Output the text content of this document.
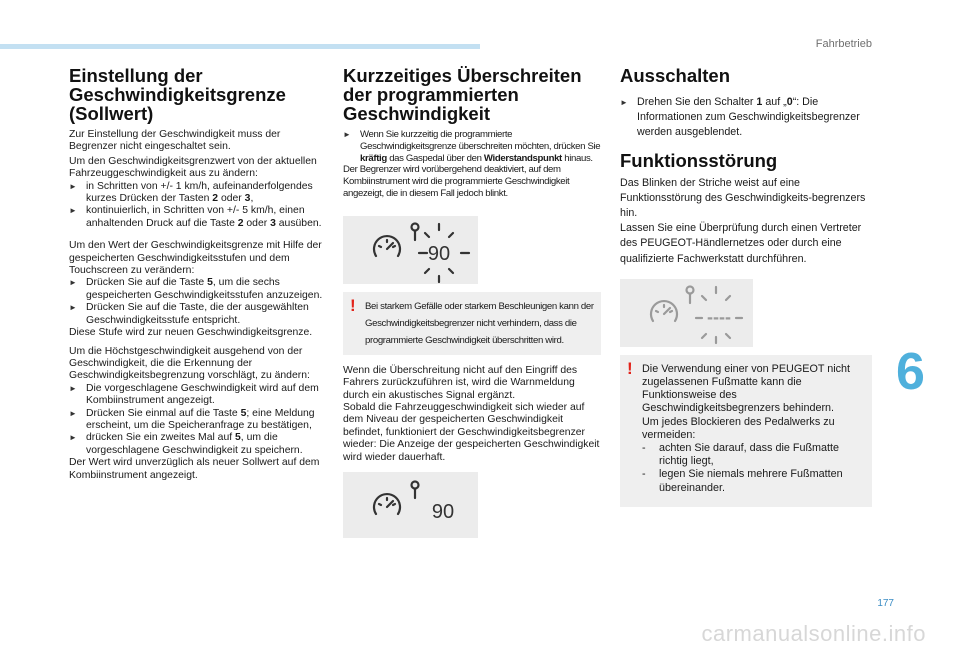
Fahrbetrieb
6
177
carmanualsonline.info
Einstellung der
Geschwindigkeitsgrenze
(Sollwert)

Zur Einstellung der Geschwindigkeit muss der Begrenzer nicht eingeschaltet sein.

Um den Geschwindigkeitsgrenzwert von der aktuellen Fahrzeuggeschwindigkeit aus zu ändern:

► in Schritten von +/- 1 km/h, aufeinanderfolgendes kurzes Drücken der Tasten 2 oder 3,
► kontinuierlich, in Schritten von +/- 5 km/h, einen anhaltenden Druck auf die Taste 2 oder 3 ausüben.

Um den Wert der Geschwindigkeitsgrenze mit Hilfe der gespeicherten Geschwindigkeitsstufen und dem Touchscreen zu verändern:

► Drücken Sie auf die Taste 5, um die sechs gespeicherten Geschwindigkeitsstufen anzuzeigen.
► Drücken Sie auf die Taste, die der ausgewählten Geschwindigkeitsstufe entspricht.

Diese Stufe wird zur neuen Geschwindigkeitsgrenze.

Um die Höchstgeschwindigkeit ausgehend von der Geschwindigkeit, die die Erkennung der Geschwindigkeitsbegrenzung vorschlägt, zu ändern:

► Die vorgeschlagene Geschwindigkeit wird auf dem Kombiinstrument angezeigt.
► Drücken Sie einmal auf die Taste 5; eine Meldung erscheint, um die Speicheranfrage zu bestätigen,
► drücken Sie ein zweites Mal auf 5, um die vorgeschlagene Geschwindigkeit zu speichern.

Der Wert wird unverzüglich als neuer Sollwert auf dem Kombiinstrument angezeigt.

Kurzzeitiges Überschreiten
der programmierten
Geschwindigkeit
► Wenn Sie kurzzeitig die programmierte Geschwindigkeitsgrenze überschreiten möchten, drücken Sie kräftig das Gaspedal über den Widerstandspunkt hinaus.

Der Begrenzer wird vorübergehend deaktiviert, auf dem Kombiinstrument wird die programmierte Geschwindigkeit angezeigt, die in diesem Fall jedoch blinkt.

90
! Bei starkem Gefälle oder starkem Beschleunigen kann der Geschwindigkeitsbegrenzer nicht verhindern, dass die programmierte Geschwindigkeit überschritten wird.

Wenn die Überschreitung nicht auf den Eingriff des Fahrers zurückzuführen ist, wird die Warnmeldung durch ein akustisches Signal ergänzt.

Sobald die Fahrzeuggeschwindigkeit sich wieder auf dem Niveau der gespeicherten Geschwindigkeit befindet, funktioniert der Geschwindigkeitsbegrenzer wieder: Die Anzeige der gespeicherten Geschwindigkeit wird wieder dauerhaft.

90
Ausschalten
► Drehen Sie den Schalter 1 auf „0“: Die Informationen zum Geschwindigkeitsbegrenzer werden ausgeblendet.
Funktionsstörung

Das Blinken der Striche weist auf eine Funktionsstörung des Geschwindigkeits-begrenzers hin.

Lassen Sie eine Überprüfung durch einen Vertreter des PEUGEOT-Händlernetzes oder durch eine qualifizierte Fachwerkstatt durchführen.

----
! Die Verwendung einer von PEUGEOT nicht zugelassenen Fußmatte kann die Funktionsweise des Geschwindigkeitsbegrenzers behindern.

Um jedes Blockieren des Pedalwerks zu vermeiden:

-	achten Sie darauf, dass die Fußmatte richtig liegt,
-	legen Sie niemals mehrere Fußmatten übereinander.
